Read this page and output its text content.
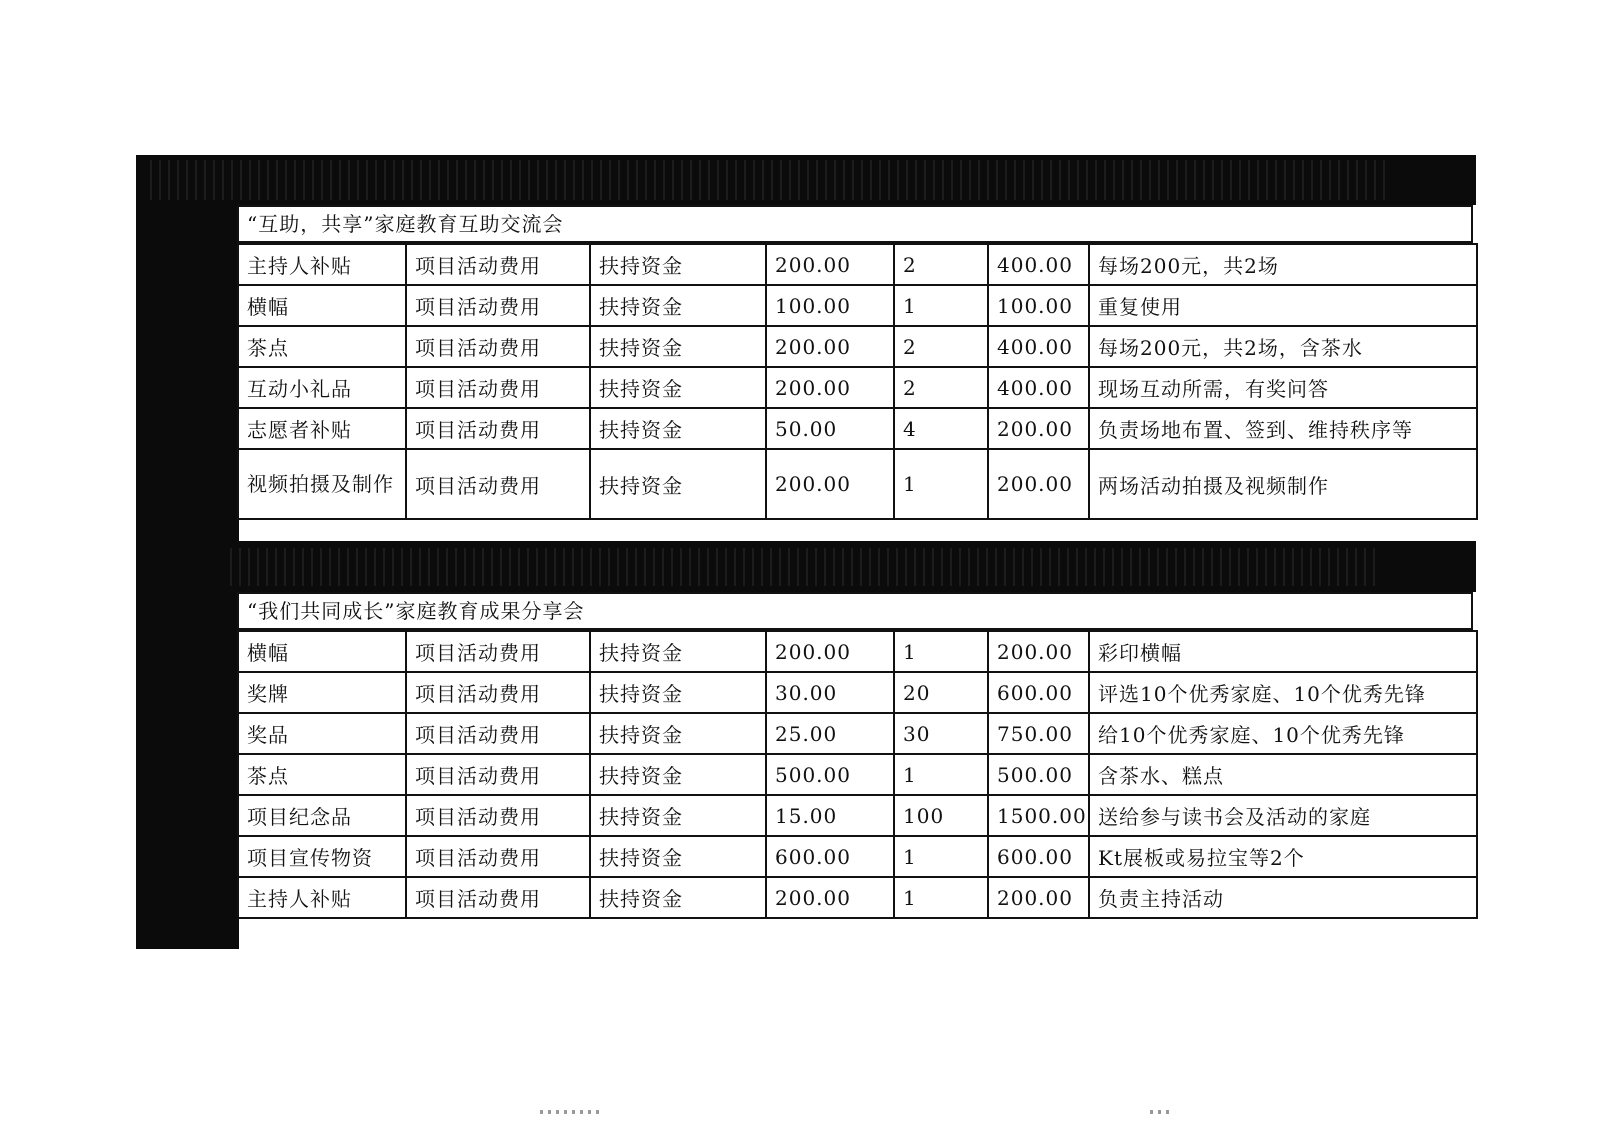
“互助，共享”家庭教育互助交流会
主持人补贴	项目活动费用	扶持资金	200.00	2	400.00	每场200元，共2场
横幅	项目活动费用	扶持资金	100.00	1	100.00	重复使用
茶点	项目活动费用	扶持资金	200.00	2	400.00	每场200元，共2场，含茶水
互动小礼品	项目活动费用	扶持资金	200.00	2	400.00	现场互动所需，有奖问答
志愿者补贴	项目活动费用	扶持资金	50.00	4	200.00	负责场地布置、签到、维持秩序等
视频拍摄及制作	项目活动费用	扶持资金	200.00	1	200.00	两场活动拍摄及视频制作
“我们共同成长”家庭教育成果分享会
横幅	项目活动费用	扶持资金	200.00	1	200.00	彩印横幅
奖牌	项目活动费用	扶持资金	30.00	20	600.00	评选10个优秀家庭、10个优秀先锋
奖品	项目活动费用	扶持资金	25.00	30	750.00	给10个优秀家庭、10个优秀先锋
茶点	项目活动费用	扶持资金	500.00	1	500.00	含茶水、糕点
项目纪念品	项目活动费用	扶持资金	15.00	100	1500.00	送给参与读书会及活动的家庭
项目宣传物资	项目活动费用	扶持资金	600.00	1	600.00	Kt展板或易拉宝等2个
主持人补贴	项目活动费用	扶持资金	200.00	1	200.00	负责主持活动
